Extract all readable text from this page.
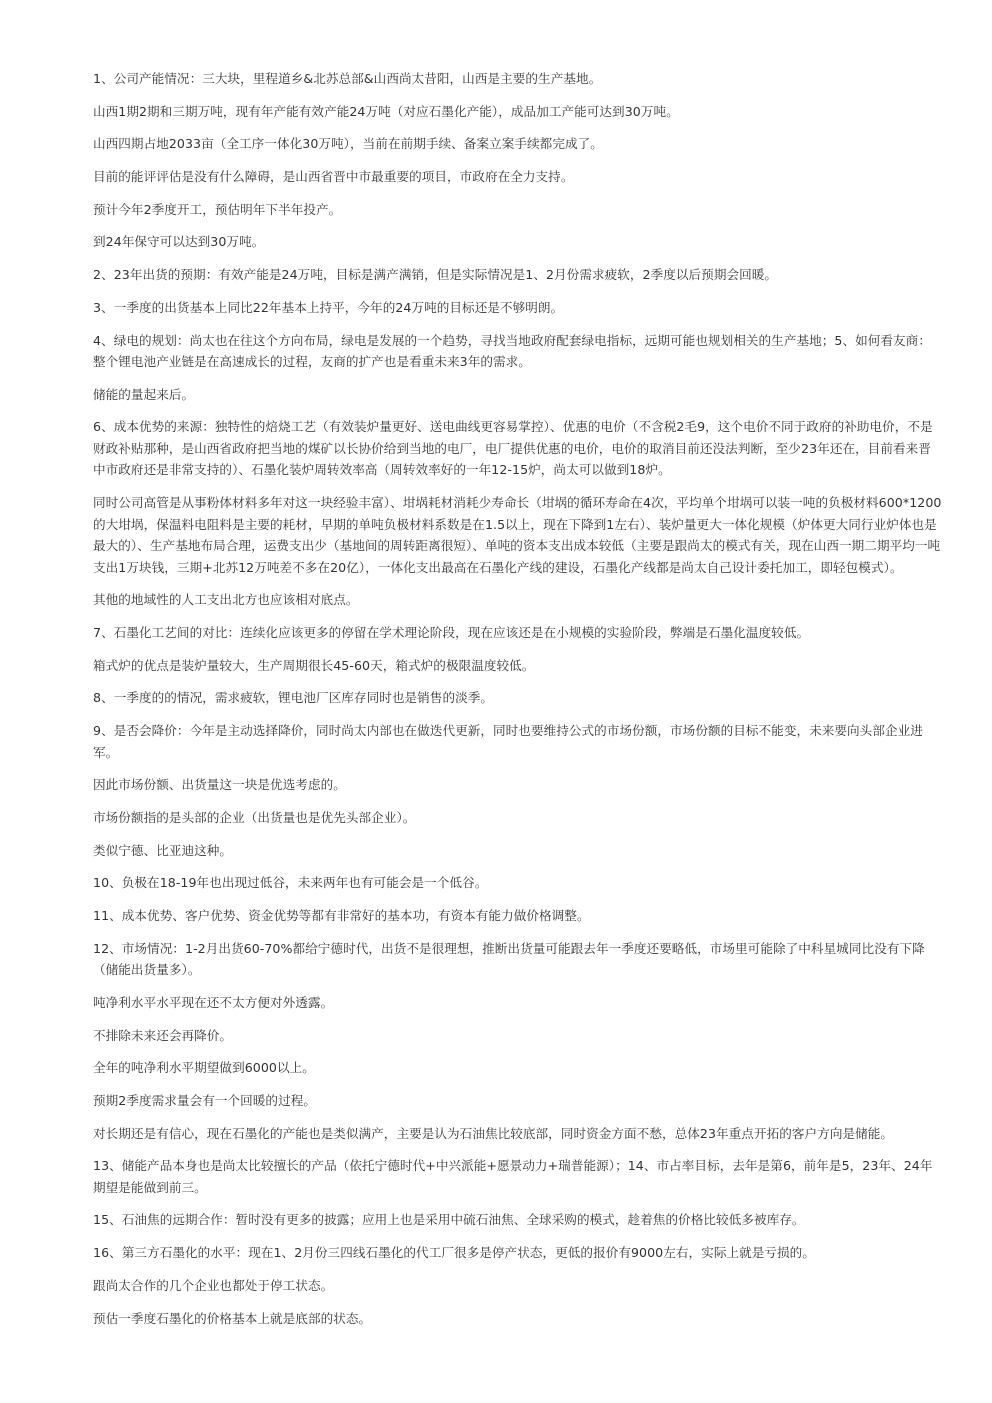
1、公司产能情况：三大块，里程道乡&北苏总部&山西尚太昔阳，山西是主要的生产基地。

山西1期2期和三期万吨，现有年产能有效产能24万吨（对应石墨化产能），成品加工产能可达到30万吨。

山西四期占地2033亩（全工序一体化30万吨），当前在前期手续、备案立案手续都完成了。

目前的能评评估是没有什么障碍，是山西省晋中市最重要的项目，市政府在全力支持。

预计今年2季度开工，预估明年下半年投产。

到24年保守可以达到30万吨。

2、23年出货的预期：有效产能是24万吨，目标是满产满销，但是实际情况是1、2月份需求疲软，2季度以后预期会回暖。

3、一季度的出货基本上同比22年基本上持平，今年的24万吨的目标还是不够明朗。

4、绿电的规划：尚太也在往这个方向布局，绿电是发展的一个趋势，寻找当地政府配套绿电指标，远期可能也规划相关的生产基地；5、如何看友商：整个锂电池产业链是在高速成长的过程，友商的扩产也是看重未来3年的需求。

储能的量起来后。

6、成本优势的来源：独特性的焙烧工艺（有效装炉量更好、送电曲线更容易掌控）、优惠的电价（不含税2毛9，这个电价不同于政府的补助电价，不是财政补贴那种，是山西省政府把当地的煤矿以长协价给到当地的电厂，电厂提供优惠的电价，电价的取消目前还没法判断，至少23年还在，目前看来晋中市政府还是非常支持的）、石墨化装炉周转效率高（周转效率好的一年12-15炉，尚太可以做到18炉。

同时公司高管是从事粉体材料多年对这一块经验丰富）、坩埚耗材消耗少寿命长（坩埚的循环寿命在4次，平均单个坩埚可以装一吨的负极材料600*1200的大坩埚，保温料电阻料是主要的耗材，早期的单吨负极材料系数是在1.5以上，现在下降到1左右）、装炉量更大一体化规模（炉体更大同行业炉体也是最大的）、生产基地布局合理，运费支出少（基地间的周转距离很短）、单吨的资本支出成本较低（主要是跟尚太的模式有关，现在山西一期二期平均一吨支出1万块钱，三期+北苏12万吨差不多在20亿），一体化支出最高在石墨化产线的建设，石墨化产线都是尚太自己设计委托加工，即轻包模式）。

其他的地域性的人工支出北方也应该相对底点。

7、石墨化工艺间的对比：连续化应该更多的停留在学术理论阶段，现在应该还是在小规模的实验阶段，弊端是石墨化温度较低。

箱式炉的优点是装炉量较大，生产周期很长45-60天，箱式炉的极限温度较低。

8、一季度的的情况，需求疲软，锂电池厂区库存同时也是销售的淡季。

9、是否会降价：今年是主动选择降价，同时尚太内部也在做迭代更新，同时也要维持公式的市场份额，市场份额的目标不能变，未来要向头部企业进军。

因此市场份额、出货量这一块是优选考虑的。

市场份额指的是头部的企业（出货量也是优先头部企业）。

类似宁德、比亚迪这种。

10、负极在18-19年也出现过低谷，未来两年也有可能会是一个低谷。

11、成本优势、客户优势、资金优势等都有非常好的基本功，有资本有能力做价格调整。

12、市场情况：1-2月出货60-70%都给宁德时代，出货不是很理想，推断出货量可能跟去年一季度还要略低，市场里可能除了中科星城同比没有下降（储能出货量多）。

吨净利水平水平现在还不太方便对外透露。

不排除未来还会再降价。

全年的吨净利水平期望做到6000以上。

预期2季度需求量会有一个回暖的过程。

对长期还是有信心，现在石墨化的产能也是类似满产，主要是认为石油焦比较底部，同时资金方面不愁，总体23年重点开拓的客户方向是储能。

13、储能产品本身也是尚太比较擅长的产品（依托宁德时代+中兴派能+愿景动力+瑞普能源）；14、市占率目标，去年是第6，前年是5，23年、24年期望是能做到前三。

15、石油焦的远期合作：暂时没有更多的披露；应用上也是采用中硫石油焦、全球采购的模式，趁着焦的价格比较低多被库存。

16、第三方石墨化的水平：现在1、2月份三四线石墨化的代工厂很多是停产状态，更低的报价有9000左右，实际上就是亏损的。

跟尚太合作的几个企业也都处于停工状态。

预估一季度石墨化的价格基本上就是底部的状态。
